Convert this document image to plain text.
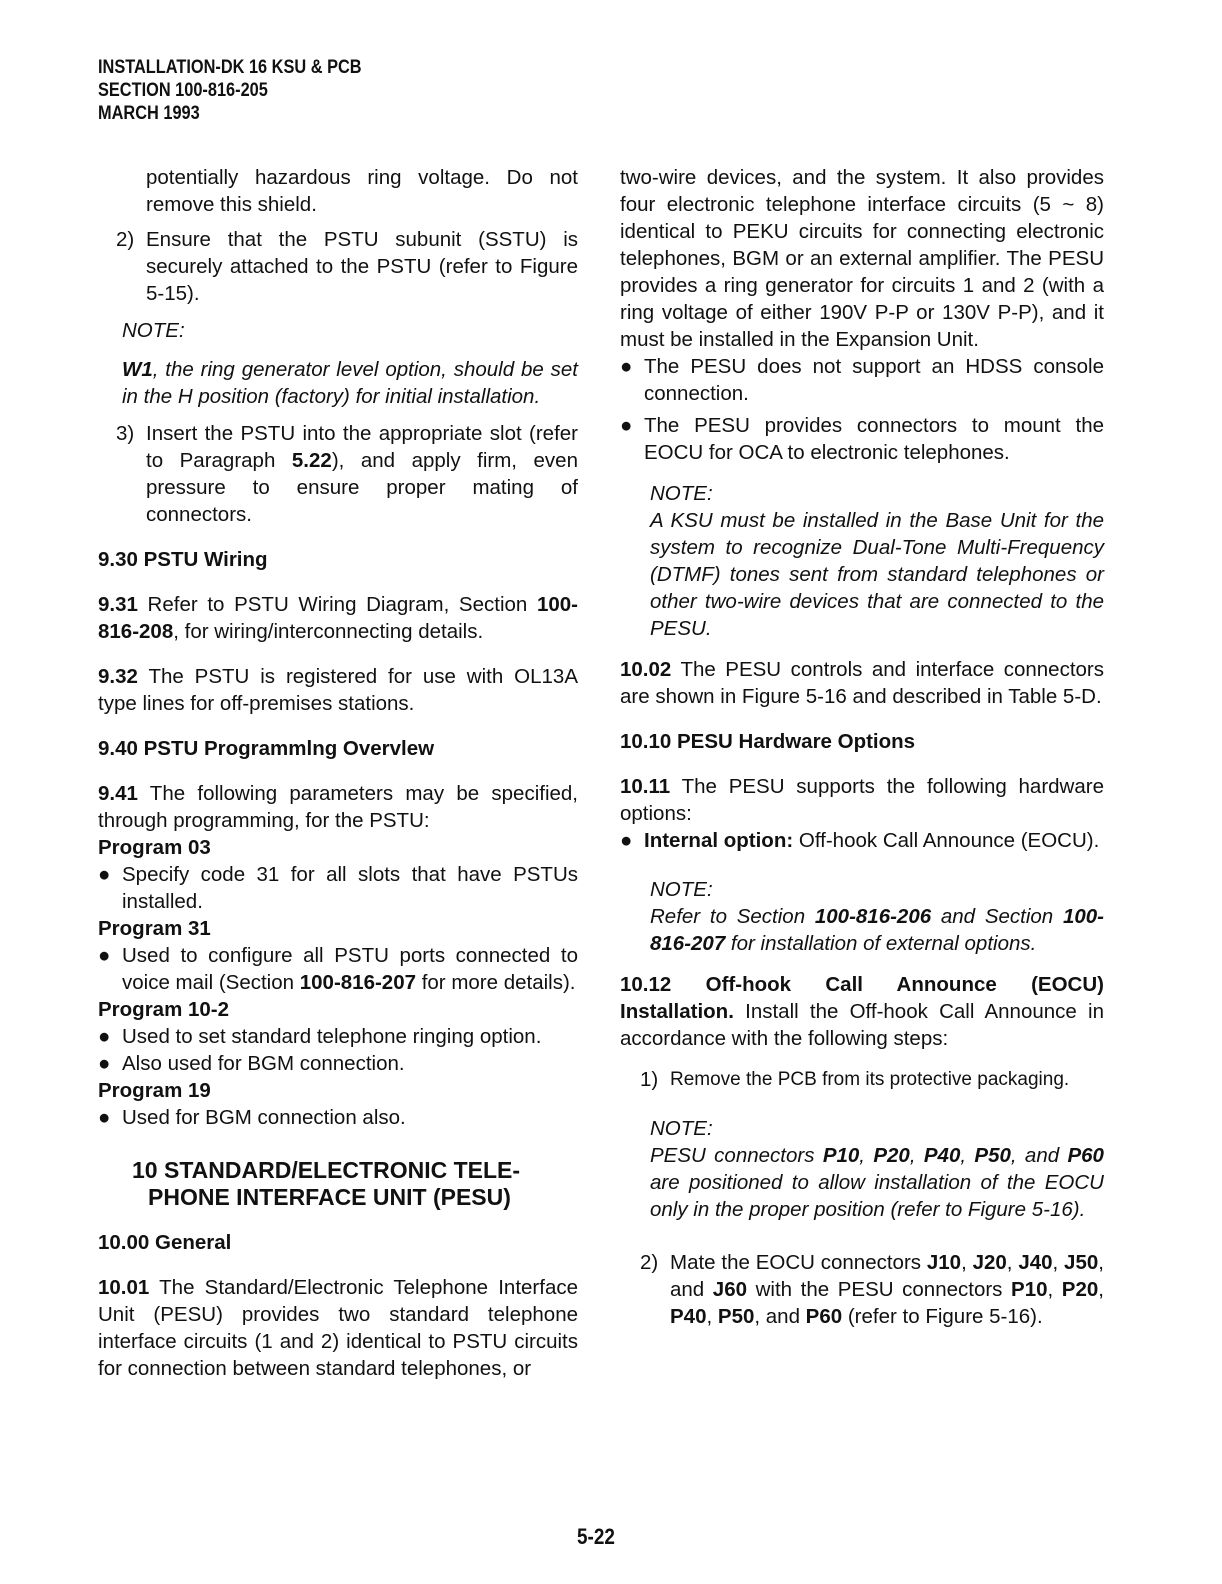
INSTALLATION-DK 16 KSU & PCB
SECTION 100-816-205
MARCH 1993

potentially hazardous ring voltage. Do not remove this shield.

2) Ensure that the PSTU subunit (SSTU) is securely attached to the PSTU (refer to Figure 5-15).

NOTE:

W1, the ring generator level option, should be set in the H position (factory) for initial installation.

3) Insert the PSTU into the appropriate slot (refer to Paragraph 5.22), and apply firm, even pressure to ensure proper mating of connectors.

9.30 PSTU Wiring

9.31 Refer to PSTU Wiring Diagram, Section 100-816-208, for wiring/interconnecting details.

9.32 The PSTU is registered for use with OL13A type lines for off-premises stations.

9.40 PSTU Programmlng Overvlew

9.41 The following parameters may be specified, through programming, for the PSTU:

Program 03

● Specify code 31 for all slots that have PSTUs installed.

Program 31

● Used to configure all PSTU ports connected to voice mail (Section 100-816-207 for more details).

Program 10-2

● Used to set standard telephone ringing option.
● Also used for BGM connection.

Program 19

● Used for BGM connection also.

10 STANDARD/ELECTRONIC TELE-

PHONE INTERFACE UNIT (PESU)

10.00 General

10.01 The Standard/Electronic Telephone Interface Unit (PESU) provides two standard telephone interface circuits (1 and 2) identical to PSTU circuits for connection between standard telephones, or

two-wire devices, and the system. It also provides four electronic telephone interface circuits (5 ~ 8) identical to PEKU circuits for connecting electronic telephones, BGM or an external amplifier. The PESU provides a ring generator for circuits 1 and 2 (with a ring voltage of either 190V P-P or 130V P-P), and it must be installed in the Expansion Unit.

● The PESU does not support an HDSS console connection.
● The PESU provides connectors to mount the EOCU for OCA to electronic telephones.

NOTE:

A KSU must be installed in the Base Unit for the system to recognize Dual-Tone Multi-Frequency (DTMF) tones sent from standard telephones or other two-wire devices that are connected to the PESU.

10.02 The PESU controls and interface connectors are shown in Figure 5-16 and described in Table 5-D.

10.10 PESU Hardware Options

10.11 The PESU supports the following hardware options:

● Internal option: Off-hook Call Announce (EOCU).

NOTE:

Refer to Section 100-816-206 and Section 100-816-207 for installation of external options.

10.12 Off-hook Call Announce (EOCU) Installation. Install the Off-hook Call Announce in accordance with the following steps:

1) Remove the PCB from its protective packaging.

NOTE:

PESU connectors P10, P20, P40, P50, and P60 are positioned to allow installation of the EOCU only in the proper position (refer to Figure 5-16).

2) Mate the EOCU connectors J10, J20, J40, J50, and J60 with the PESU connectors P10, P20, P40, P50, and P60 (refer to Figure 5-16).
5-22
